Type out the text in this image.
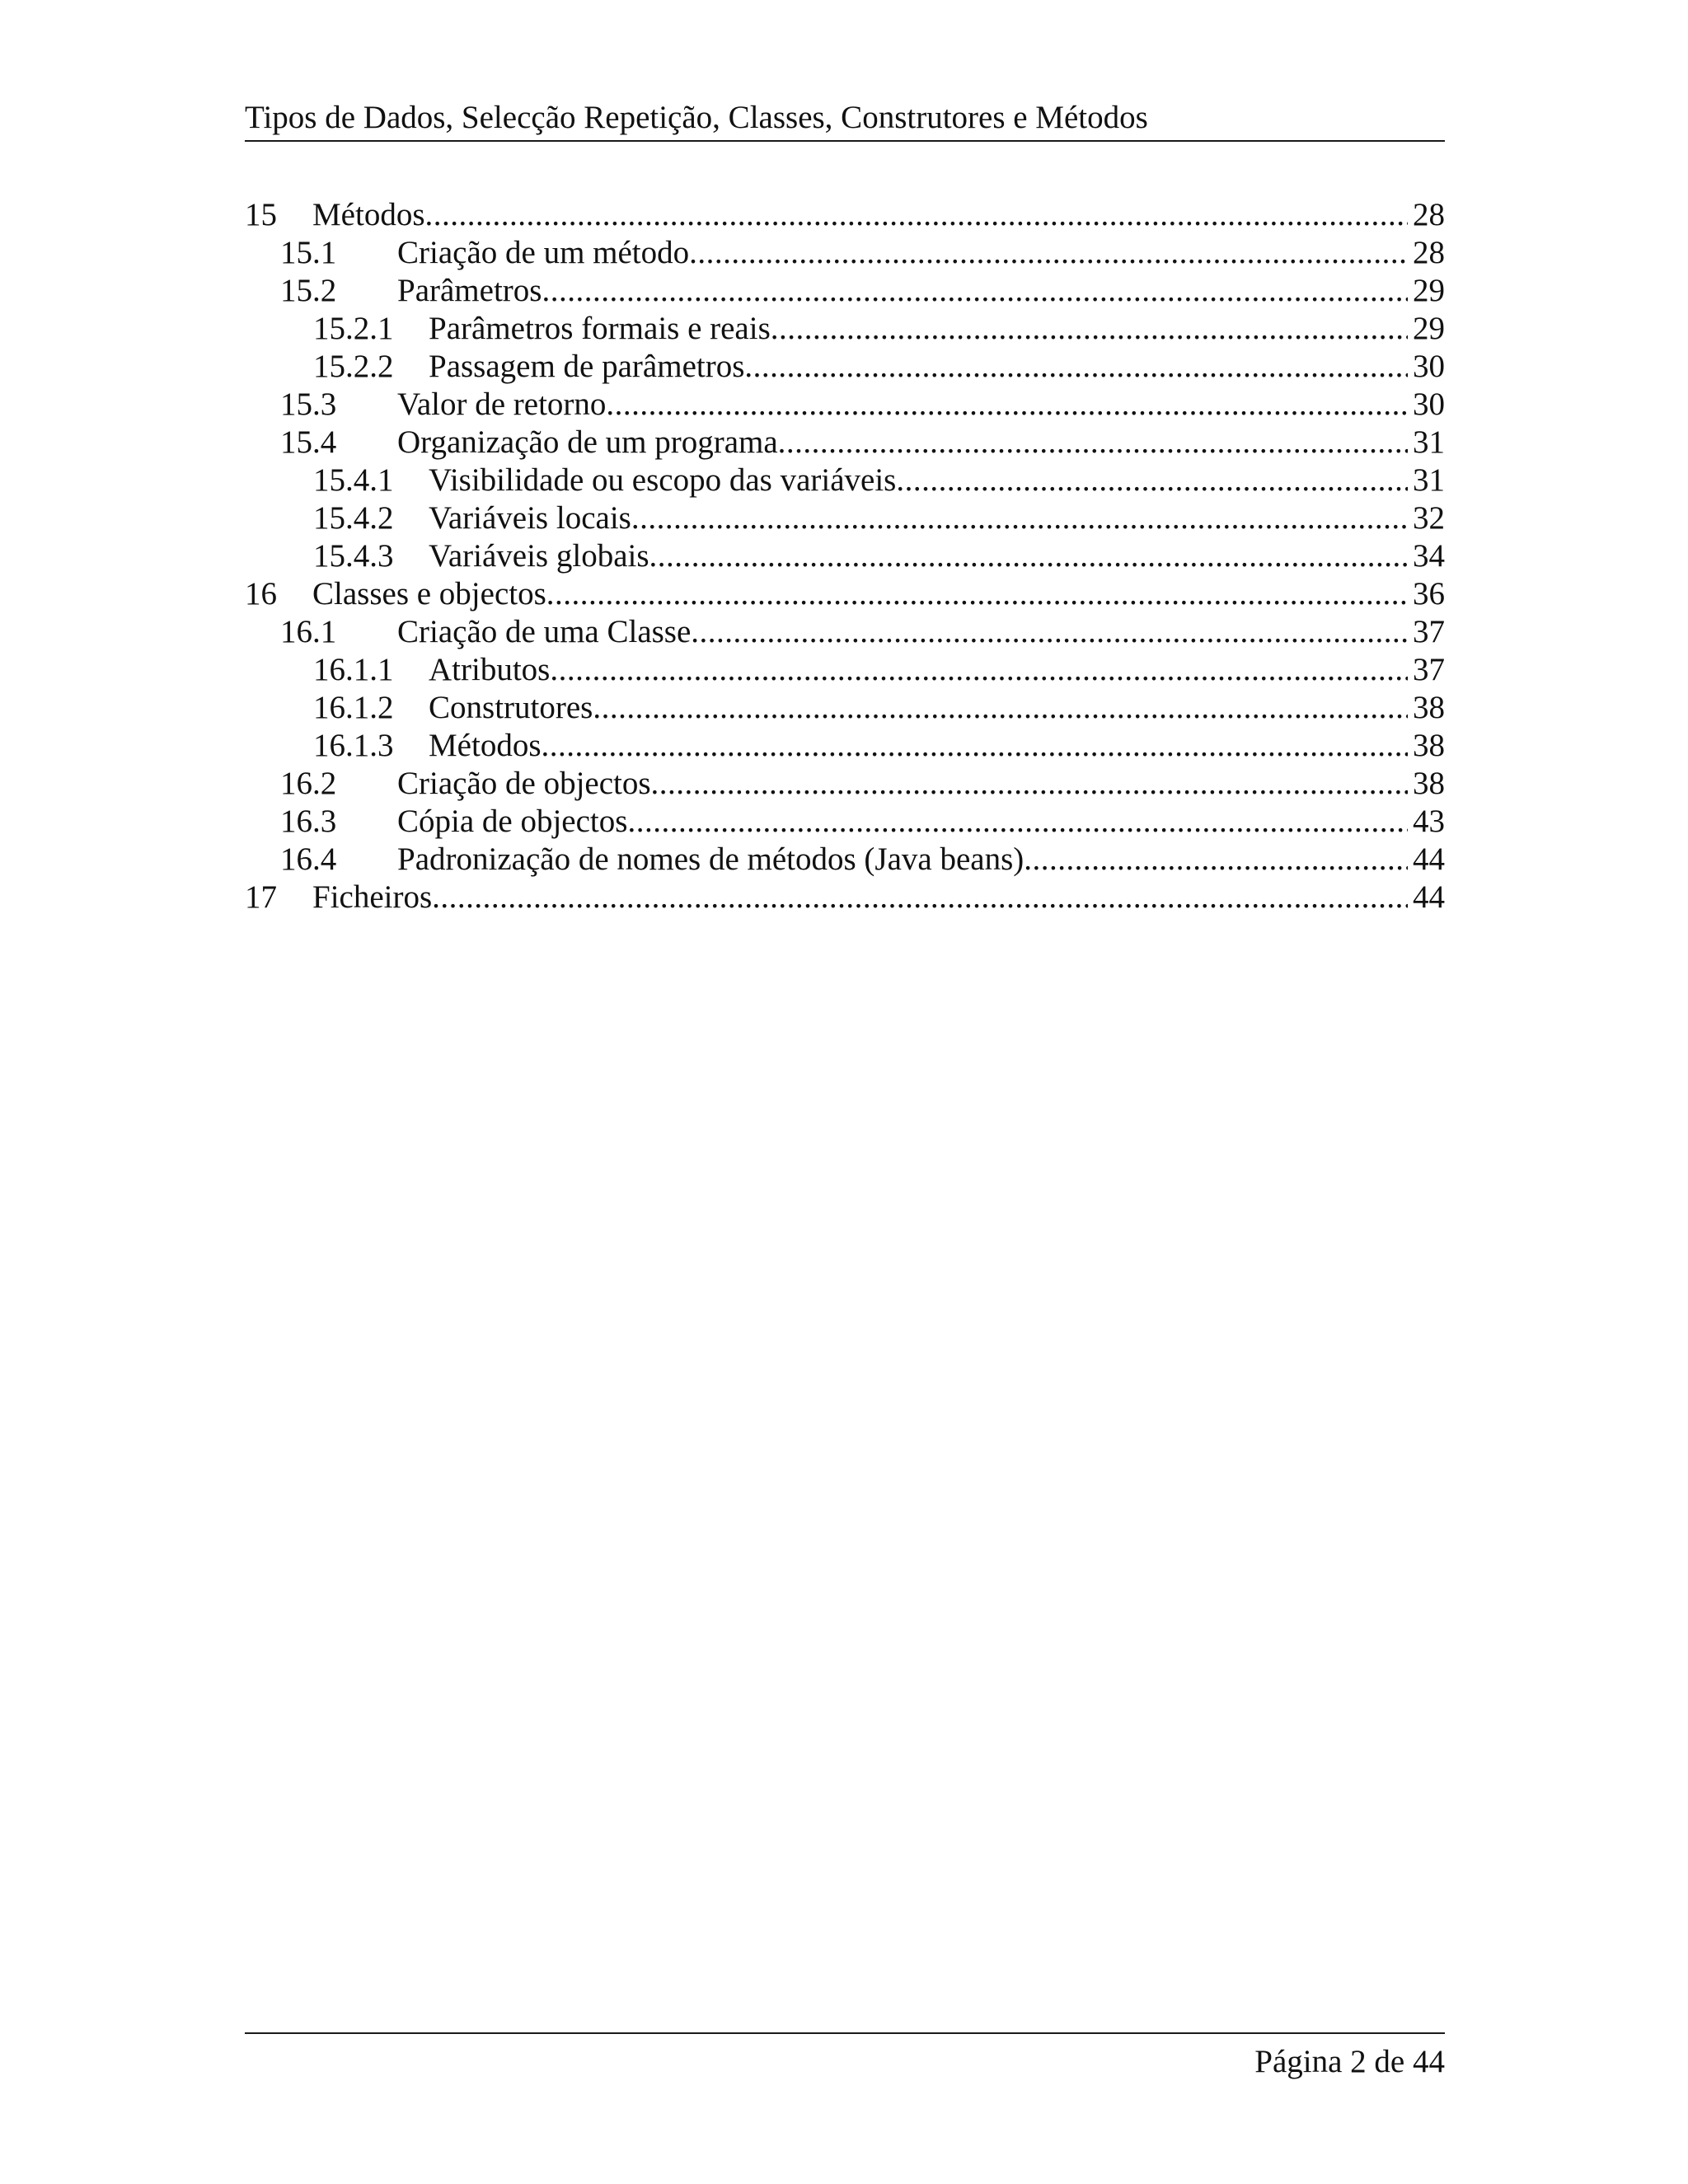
Tipos de Dados, Selecção Repetição, Classes, Construtores e Métodos
15 Métodos .....	28
15.1 Criação de um método .....	28
15.2 Parâmetros .....	29
15.2.1 Parâmetros formais e reais .....	29
15.2.2 Passagem de parâmetros .....	30
15.3 Valor de retorno .....	30
15.4 Organização de um programa .....	31
15.4.1 Visibilidade ou escopo das variáveis .....	31
15.4.2 Variáveis locais .....	32
15.4.3 Variáveis globais .....	34
16 Classes e objectos .....	36
16.1 Criação de uma Classe .....	37
16.1.1 Atributos .....	37
16.1.2 Construtores .....	38
16.1.3 Métodos .....	38
16.2 Criação de objectos .....	38
16.3 Cópia de objectos .....	43
16.4 Padronização de nomes de métodos (Java beans) .....	44
17 Ficheiros .....	44
Página 2 de 44
